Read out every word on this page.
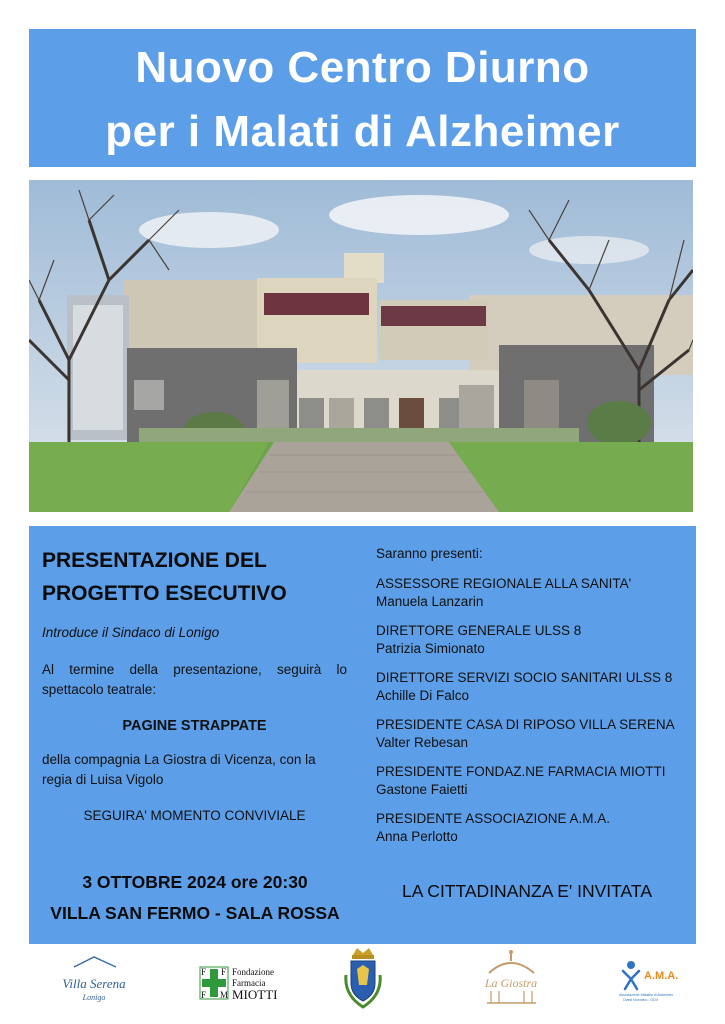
Nuovo Centro Diurno
per i Malati di Alzheimer
PRESENTAZIONE DEL
PROGETTO ESECUTIVO
Introduce il Sindaco di Lonigo
Al termine della presentazione, seguirà lo spettacolo teatrale:
PAGINE STRAPPATE
della compagnia La Giostra di Vicenza, con la regia di Luisa Vigolo
SEGUIRA' MOMENTO CONVIVIALE
3 OTTOBRE 2024 ore 20:30
VILLA SAN FERMO - SALA ROSSA
Saranno presenti:
ASSESSORE REGIONALE ALLA SANITA'
Manuela Lanzarin
DIRETTORE GENERALE ULSS 8
Patrizia Simionato
DIRETTORE SERVIZI SOCIO SANITARI ULSS 8
Achille Di Falco
PRESIDENTE CASA DI RIPOSO VILLA SERENA
Valter Rebesan
PRESIDENTE FONDAZ.NE FARMACIA MIOTTI
Gastone Faietti
PRESIDENTE ASSOCIAZIONE A.M.A.
Anna Perlotto
LA CITTADINANZA E' INVITATA
Villa Serena
Lonigo
F F
F M
Fondazione
Farmacia
MIOTTI
La Giostra	A.M.A.
Associazione Malattia di Alzheimer
Ovest Vicentino - ODV
